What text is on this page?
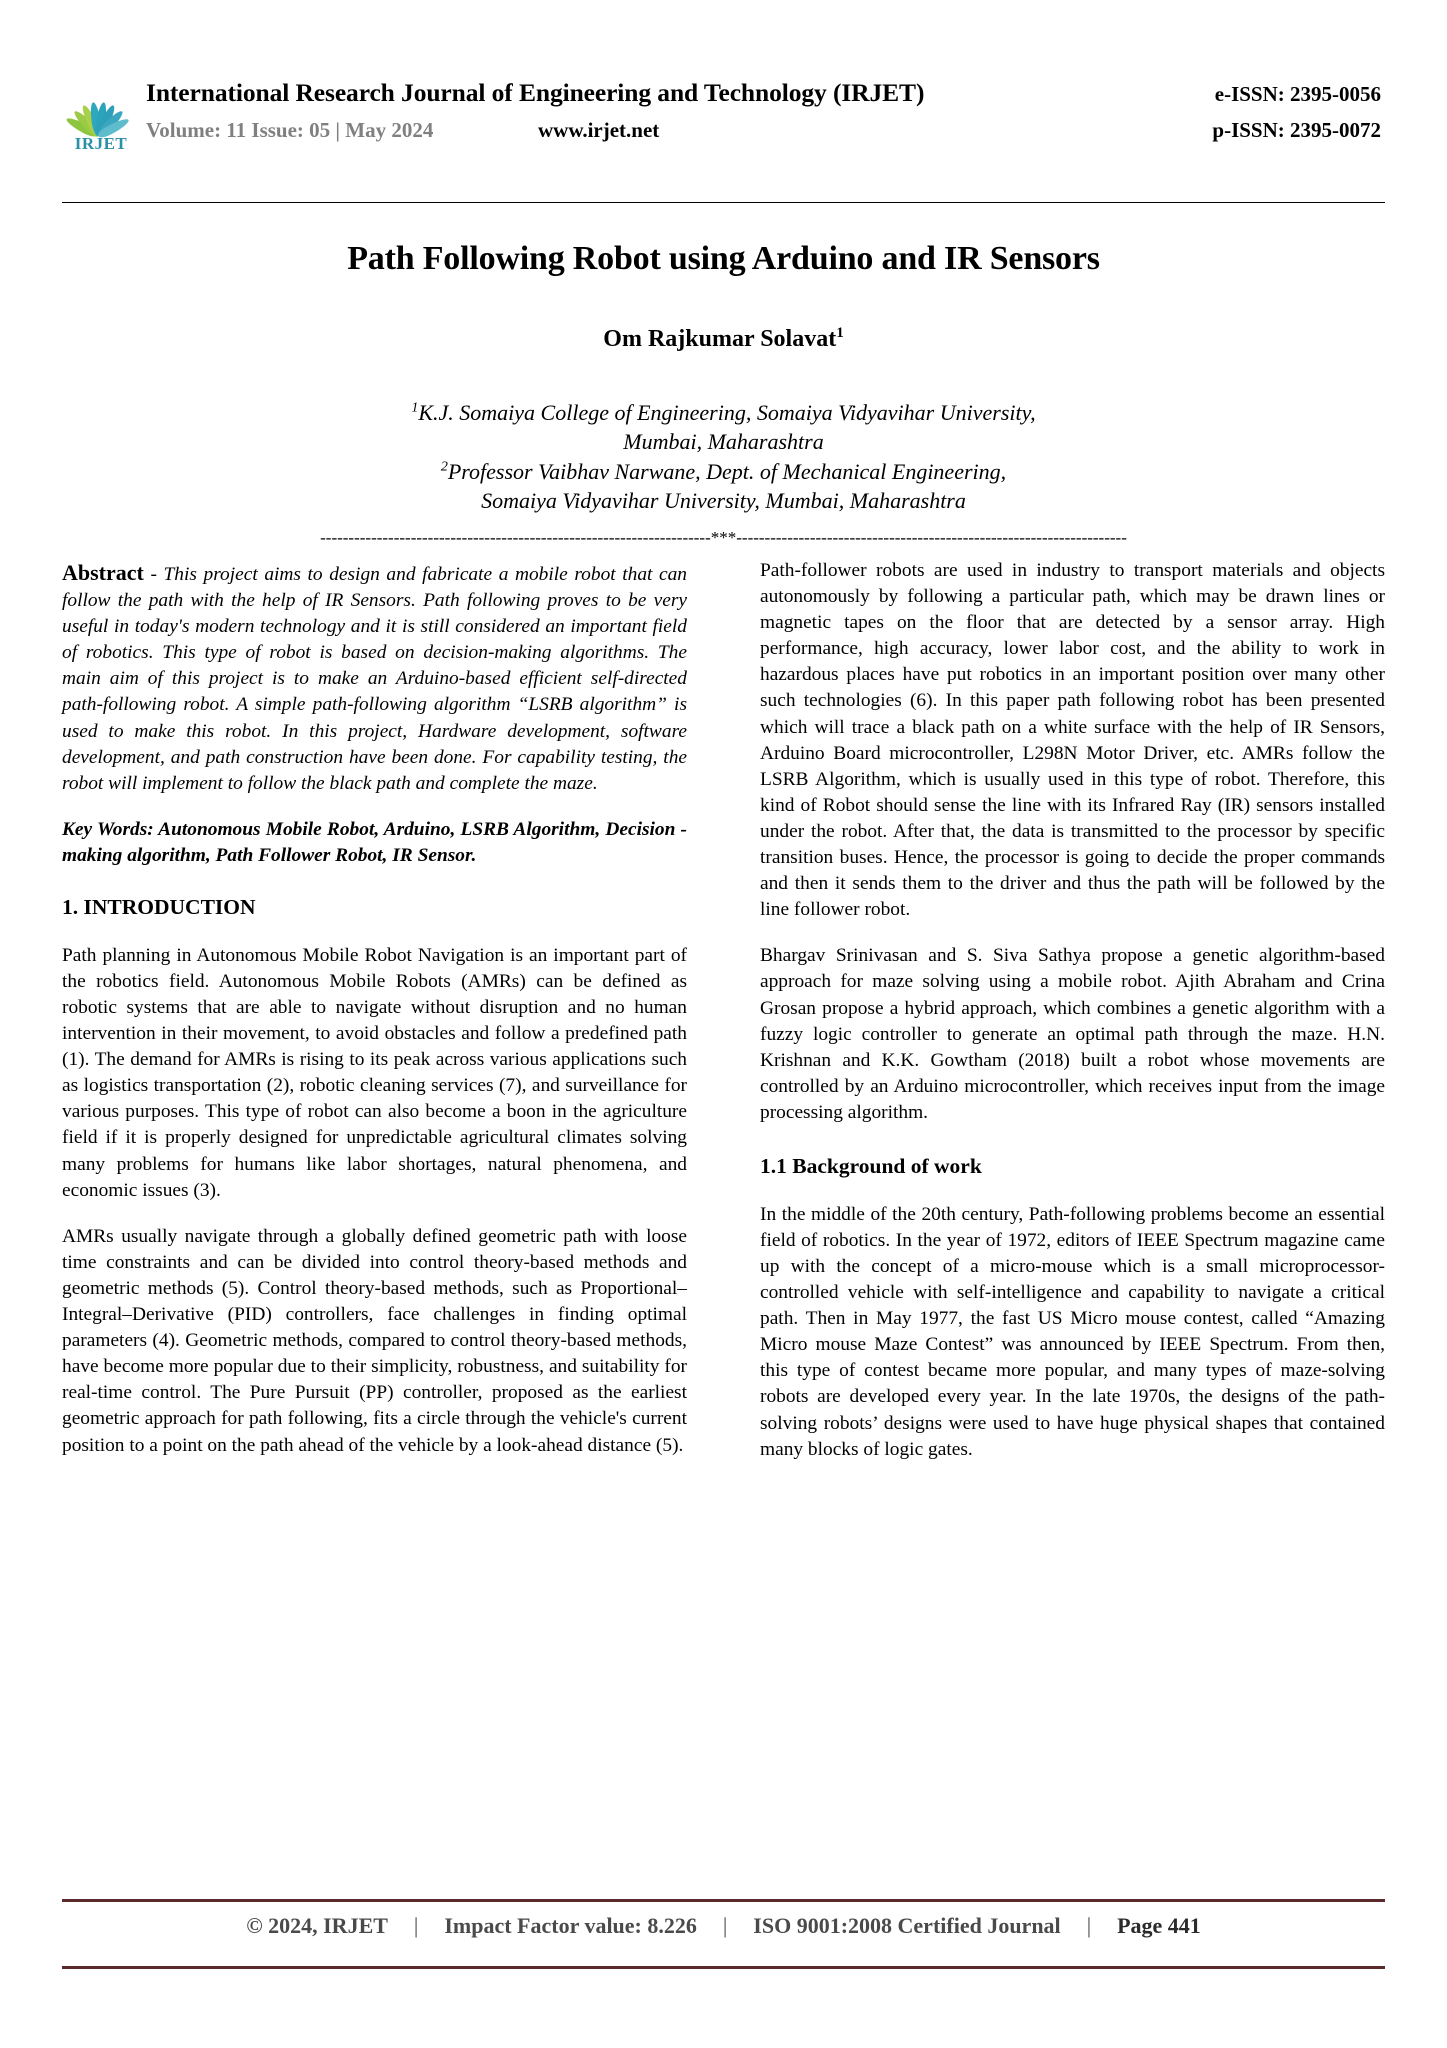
IRJET
International Research Journal of Engineering and Technology (IRJET)	e-ISSN: 2395-0056
Volume: 11 Issue: 05 | May 2024	www.irjet.net	p-ISSN: 2395-0072
Path Following Robot using Arduino and IR Sensors
Om Rajkumar Solavat$^1$
$^1$K.J. Somaiya College of Engineering, Somaiya Vidyavihar University,
Mumbai, Maharashtra
$^2$Professor Vaibhav Narwane, Dept. of Mechanical Engineering,
Somaiya Vidyavihar University, Mumbai, Maharashtra
---------------------------------------------------------------------***---------------------------------------------------------------------

Abstract - This project aims to design and fabricate a mobile robot that can follow the path with the help of IR Sensors. Path following proves to be very useful in today's modern technology and it is still considered an important field of robotics. This type of robot is based on decision-making algorithms. The main aim of this project is to make an Arduino-based efficient self-directed path-following robot. A simple path-following algorithm “LSRB algorithm” is used to make this robot. In this project, Hardware development, software development, and path construction have been done. For capability testing, the robot will implement to follow the black path and complete the maze.

Key Words: Autonomous Mobile Robot, Arduino, LSRB Algorithm, Decision -making algorithm, Path Follower Robot, IR Sensor.

1. INTRODUCTION

Path planning in Autonomous Mobile Robot Navigation is an important part of the robotics field. Autonomous Mobile Robots (AMRs) can be defined as robotic systems that are able to navigate without disruption and no human intervention in their movement, to avoid obstacles and follow a predefined path (1). The demand for AMRs is rising to its peak across various applications such as logistics transportation (2), robotic cleaning services (7), and surveillance for various purposes. This type of robot can also become a boon in the agriculture field if it is properly designed for unpredictable agricultural climates solving many problems for humans like labor shortages, natural phenomena, and economic issues (3).

AMRs usually navigate through a globally defined geometric path with loose time constraints and can be divided into control theory-based methods and geometric methods (5). Control theory-based methods, such as Proportional–Integral–Derivative (PID) controllers, face challenges in finding optimal parameters (4). Geometric methods, compared to control theory-based methods, have become more popular due to their simplicity, robustness, and suitability for real-time control. The Pure Pursuit (PP) controller, proposed as the earliest geometric approach for path following, fits a circle through the vehicle's current position to a point on the path ahead of the vehicle by a look-ahead distance (5).

Path-follower robots are used in industry to transport materials and objects autonomously by following a particular path, which may be drawn lines or magnetic tapes on the floor that are detected by a sensor array. High performance, high accuracy, lower labor cost, and the ability to work in hazardous places have put robotics in an important position over many other such technologies (6). In this paper path following robot has been presented which will trace a black path on a white surface with the help of IR Sensors, Arduino Board microcontroller, L298N Motor Driver, etc. AMRs follow the LSRB Algorithm, which is usually used in this type of robot. Therefore, this kind of Robot should sense the line with its Infrared Ray (IR) sensors installed under the robot. After that, the data is transmitted to the processor by specific transition buses. Hence, the processor is going to decide the proper commands and then it sends them to the driver and thus the path will be followed by the line follower robot.

Bhargav Srinivasan and S. Siva Sathya propose a genetic algorithm-based approach for maze solving using a mobile robot. Ajith Abraham and Crina Grosan propose a hybrid approach, which combines a genetic algorithm with a fuzzy logic controller to generate an optimal path through the maze. H.N. Krishnan and K.K. Gowtham (2018) built a robot whose movements are controlled by an Arduino microcontroller, which receives input from the image processing algorithm.

1.1 Background of work

In the middle of the 20th century, Path-following problems become an essential field of robotics. In the year of 1972, editors of IEEE Spectrum magazine came up with the concept of a micro-mouse which is a small microprocessor-controlled vehicle with self-intelligence and capability to navigate a critical path. Then in May 1977, the fast US Micro mouse contest, called “Amazing Micro mouse Maze Contest” was announced by IEEE Spectrum. From then, this type of contest became more popular, and many types of maze-solving robots are developed every year. In the late 1970s, the designs of the path-solving robots’ designs were used to have huge physical shapes that contained many blocks of logic gates.

© 2024, IRJET	|	Impact Factor value: 8.226	|	ISO 9001:2008 Certified Journal	|	Page 441
